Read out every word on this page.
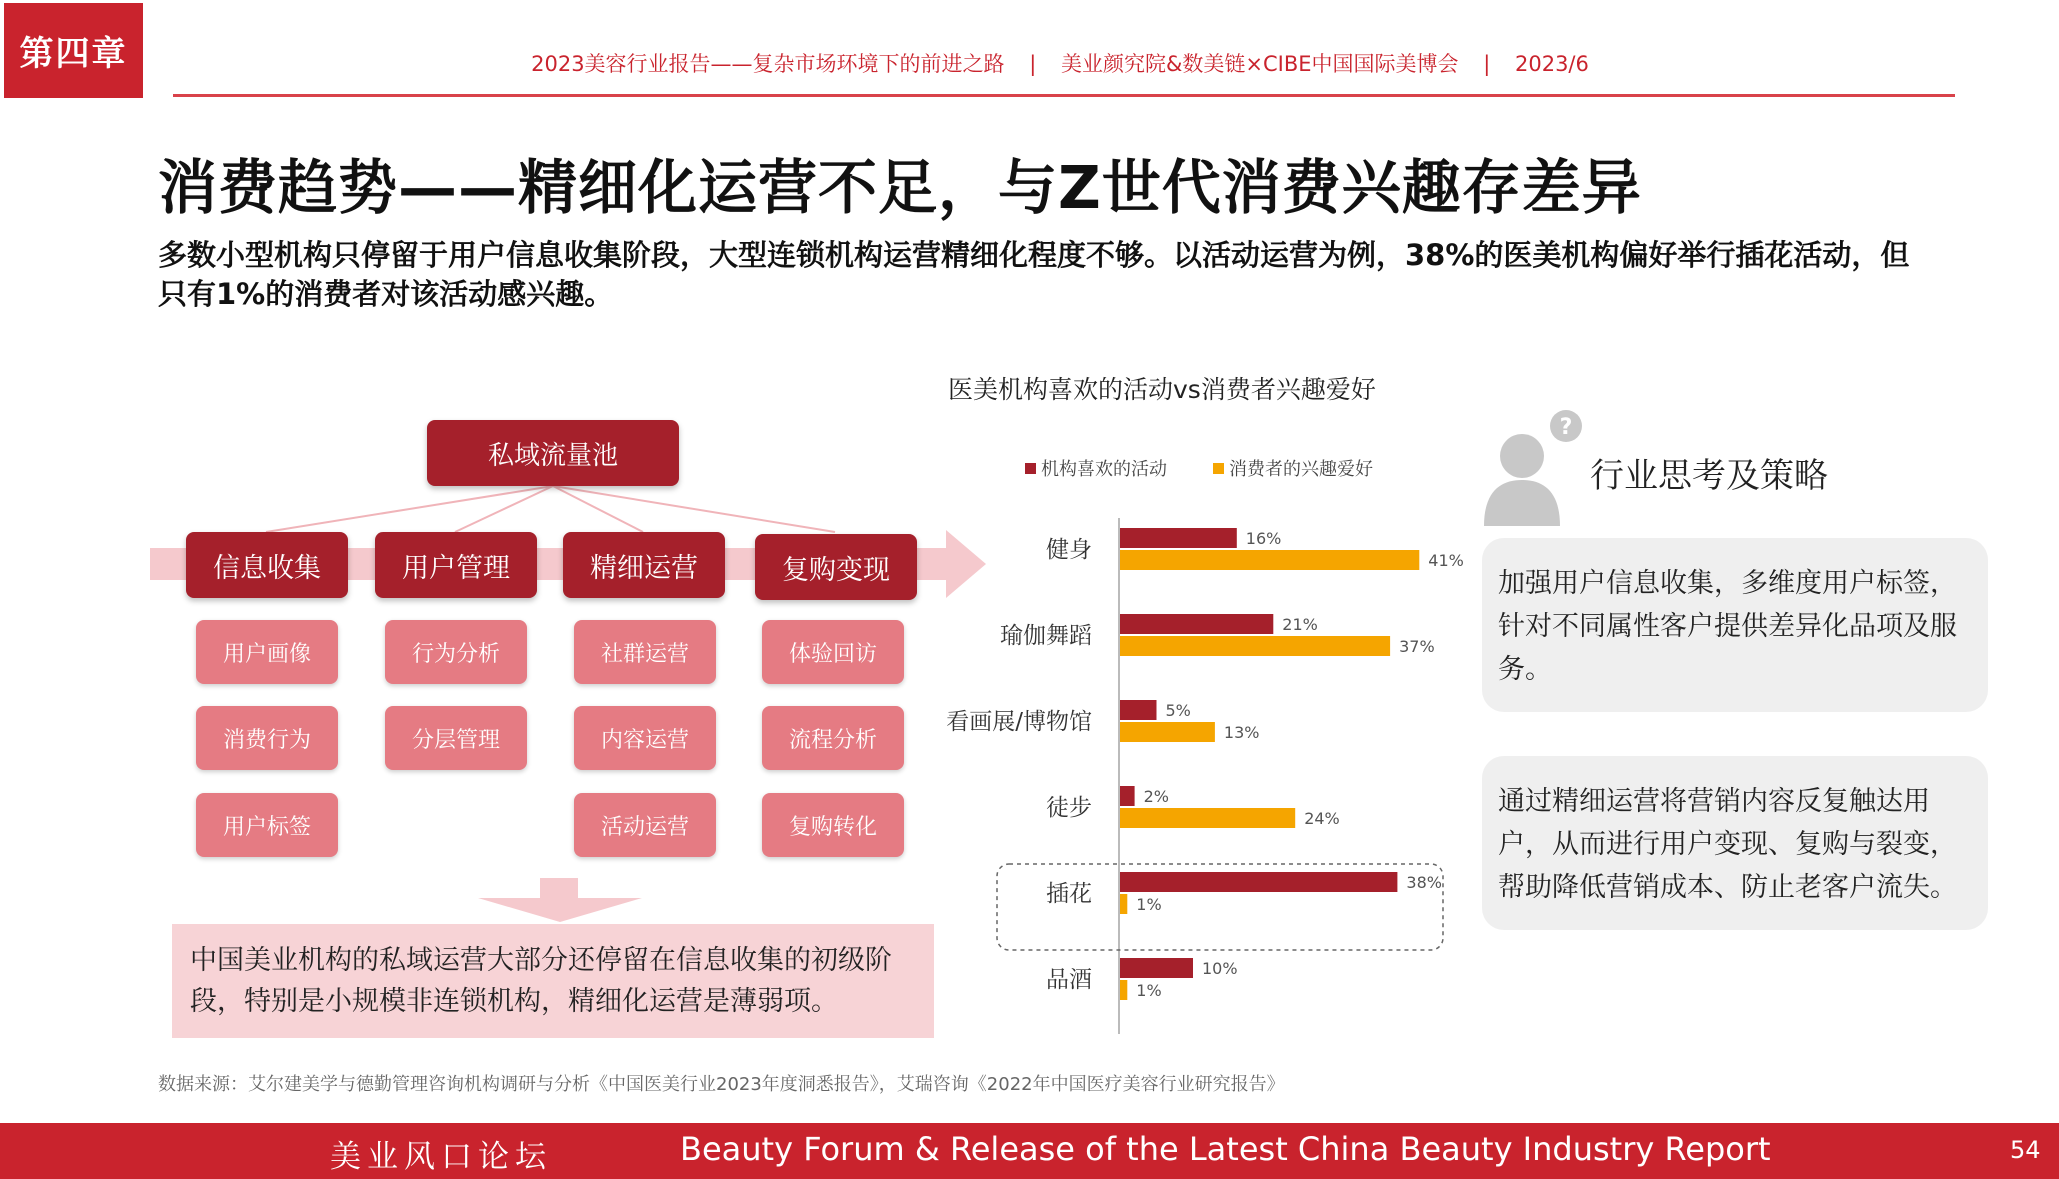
第四章	2023美容行业报告——复杂市场环境下的前进之路 | 美业颜究院&数美链×CIBE中国国际美博会 | 2023/6
消费趋势——精细化运营不足，与Z世代消费兴趣存差异
多数小型机构只停留于用户信息收集阶段，大型连锁机构运营精细化程度不够。以活动运营为例，38%的医美机构偏好举行插花活动，但只有1%的消费者对该活动感兴趣。
私域流量池
信息收集	用户管理	精细运营	复购变现
用户画像
消费行为
用户标签
行为分析
分层管理
社群运营
内容运营
活动运营
体验回访
流程分析
复购转化
中国美业机构的私域运营大部分还停留在信息收集的初级阶段，特别是小规模非连锁机构，精细化运营是薄弱项。
医美机构喜欢的活动vs消费者兴趣爱好
机构喜欢的活动	消费者的兴趣爱好
健身	16%
41%
瑜伽舞蹈	21%
37%
看画展/博物馆	5%
13%
徒步	2%
24%
插花	38%
1%
品酒	10%
1%
?
行业思考及策略
加强用户信息收集，多维度用户标签，针对不同属性客户提供差异化品项及服务。
通过精细运营将营销内容反复触达用户，从而进行用户变现、复购与裂变，帮助降低营销成本、防止老客户流失。
数据来源：艾尔建美学与德勤管理咨询机构调研与分析《中国医美行业2023年度洞悉报告》，艾瑞咨询《2022年中国医疗美容行业研究报告》
美业风口论坛	Beauty Forum & Release of the Latest China Beauty Industry Report	54
